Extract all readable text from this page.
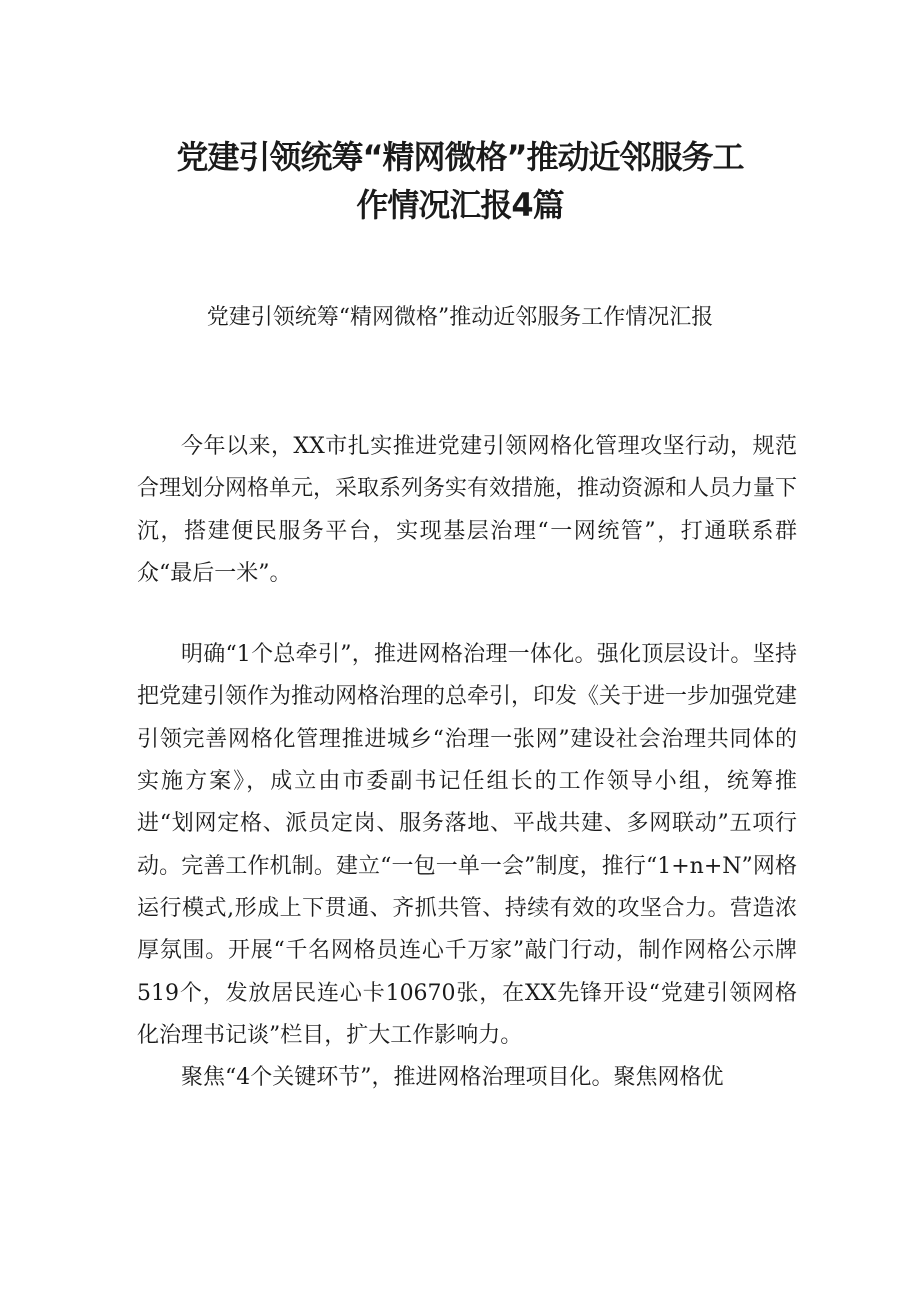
党建引领统筹“精网微格”推动近邻服务工
作情况汇报4篇
党建引领统筹“精网微格”推动近邻服务工作情况汇报

今年以来，XX市扎实推进党建引领网格化管理攻坚行动，规范合理划分网格单元，采取系列务实有效措施，推动资源和人员力量下沉，搭建便民服务平台，实现基层治理“一网统管”，打通联系群众“最后一米”。

明确“1个总牵引”，推进网格治理一体化。强化顶层设计。坚持把党建引领作为推动网格治理的总牵引，印发《关于进一步加强党建引领完善网格化管理推进城乡“治理一张网”建设社会治理共同体的实施方案》，成立由市委副书记任组长的工作领导小组，统筹推进“划网定格、派员定岗、服务落地、平战共建、多网联动”五项行动。完善工作机制。建立“一包一单一会”制度，推行“1+n+N”网格运行模式,形成上下贯通、齐抓共管、持续有效的攻坚合力。营造浓厚氛围。开展“千名网格员连心千万家”敲门行动，制作网格公示牌519个，发放居民连心卡10670张，在XX先锋开设“党建引领网格化治理书记谈”栏目，扩大工作影响力。

聚焦“4个关键环节”，推进网格治理项目化。聚焦网格优
